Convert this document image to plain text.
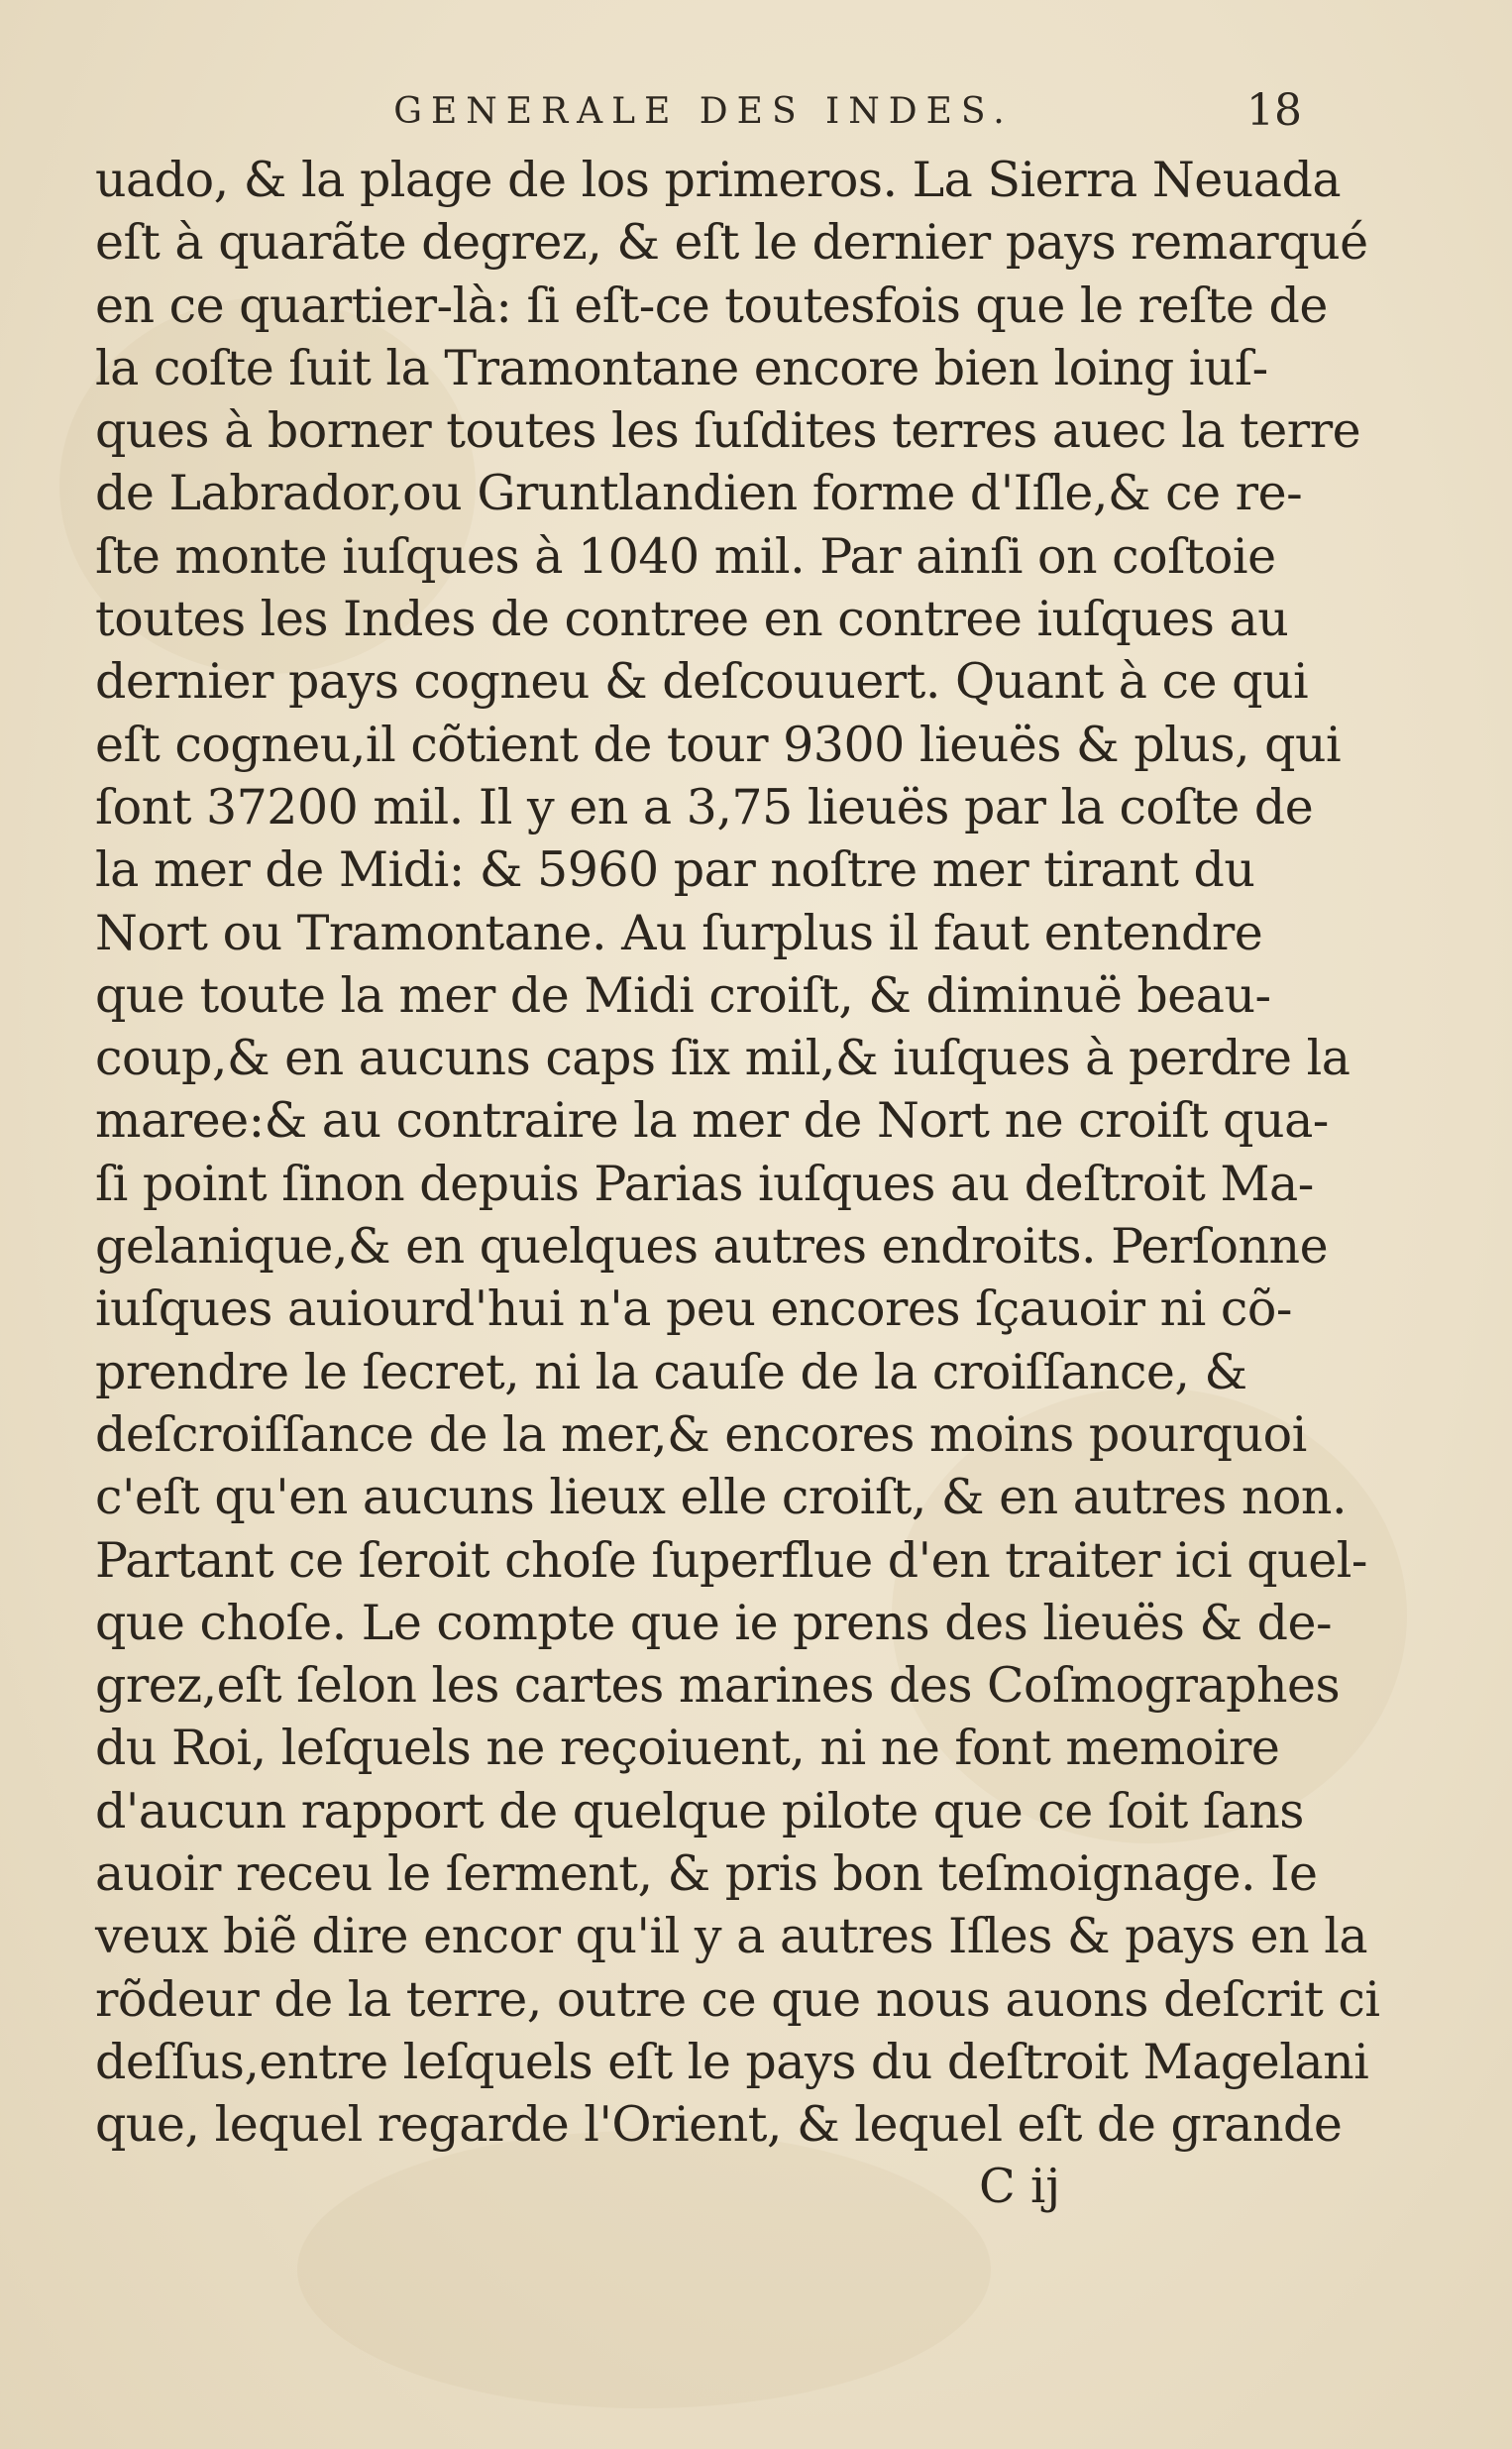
GENERALE DES INDES.	18
uado, & la plage de los primeros. La Sierra Neuada
eſt à quarãte degrez, & eſt le dernier pays remarqué
en ce quartier-là: ſi eſt-ce toutesfois que le reſte de
la coſte ſuit la Tramontane encore bien loing iuſ-
ques à borner toutes les ſuſdites terres auec la terre
de Labrador,ou Gruntlandien forme d'Iſle,& ce re-
ſte monte iuſques à 1040 mil. Par ainſi on coſtoie
toutes les Indes de contree en contree iuſques au
dernier pays cogneu & deſcouuert. Quant à ce qui
eſt cogneu,il cõtient de tour 9300 lieuës & plus, qui
ſont 37200 mil. Il y en a 3,75 lieuës par la coſte de
la mer de Midi: & 5960 par noſtre mer tirant du
Nort ou Tramontane. Au ſurplus il faut entendre
que toute la mer de Midi croiſt, & diminuë beau-
coup,& en aucuns caps ſix mil,& iuſques à perdre la
maree:& au contraire la mer de Nort ne croiſt qua-
ſi point ſinon depuis Parias iuſques au deſtroit Ma-
gelanique,& en quelques autres endroits. Perſonne
iuſques auiourd'hui n'a peu encores ſçauoir ni cõ-
prendre le ſecret, ni la cauſe de la croiſſance, &
deſcroiſſance de la mer,& encores moins pourquoi
c'eſt qu'en aucuns lieux elle croiſt, & en autres non.
Partant ce ſeroit choſe ſuperflue d'en traiter ici quel-
que choſe. Le compte que ie prens des lieuës & de-
grez,eſt ſelon les cartes marines des Coſmographes
du Roi, leſquels ne reçoiuent, ni ne font memoire
d'aucun rapport de quelque pilote que ce ſoit ſans
auoir receu le ſerment, & pris bon teſmoignage. Ie
veux biẽ dire encor qu'il y a autres Iſles & pays en la
rõdeur de la terre, outre ce que nous auons deſcrit ci
deſſus,entre leſquels eſt le pays du deſtroit Magelani
que, lequel regarde l'Orient, & lequel eſt de grande
C ij
